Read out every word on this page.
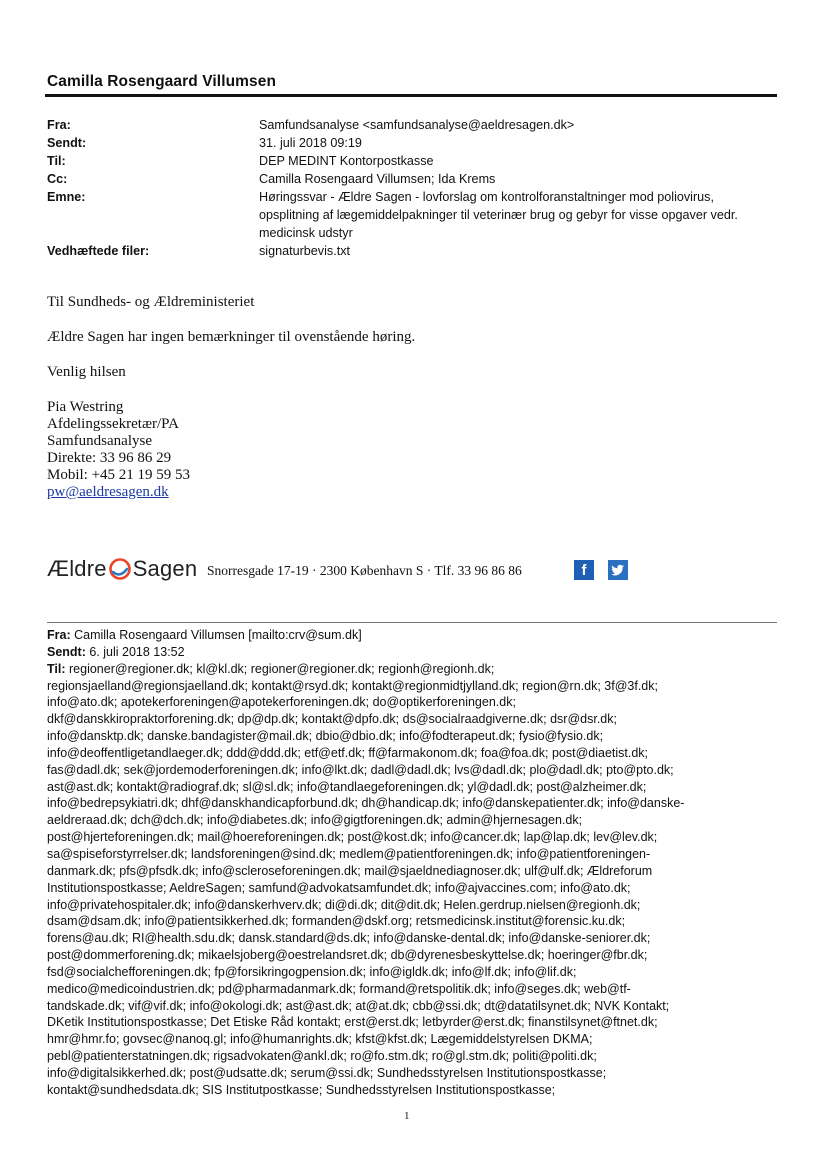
Camilla Rosengaard Villumsen
Fra:	Samfundsanalyse <samfundsanalyse@aeldresagen.dk>
Sendt:	31. juli 2018 09:19
Til:	DEP MEDINT Kontorpostkasse
Cc:	Camilla Rosengaard Villumsen; Ida Krems
Emne:	Høringssvar - Ældre Sagen - lovforslag om kontrolforanstaltninger mod poliovirus, opsplitning af lægemiddelpakninger til veterinær brug og gebyr for visse opgaver vedr. medicinsk udstyr
Vedhæftede filer:	signaturbevis.txt

Til Sundheds- og Ældreministeriet

Ældre Sagen har ingen bemærkninger til ovenstående høring.

Venlig hilsen

Pia Westring
Afdelingssekretær/PA
Samfundsanalyse
Direkte: 33 96 86 29
Mobil: +45 21 19 59 53
pw@aeldresagen.dk
Ældre Sagen Snorresgade 17-19 · 2300 København S · Tlf. 33 96 86 86	f
Fra: Camilla Rosengaard Villumsen [mailto:crv@sum.dk]
Sendt: 6. juli 2018 13:52
Til: regioner@regioner.dk; kl@kl.dk; regioner@regioner.dk; regionh@regionh.dk;
regionsjaelland@regionsjaelland.dk; kontakt@rsyd.dk; kontakt@regionmidtjylland.dk; region@rn.dk; 3f@3f.dk;
info@ato.dk; apotekerforeningen@apotekerforeningen.dk; do@optikerforeningen.dk;
dkf@danskkiropraktorforening.dk; dp@dp.dk; kontakt@dpfo.dk; ds@socialraadgiverne.dk; dsr@dsr.dk;
info@dansktp.dk; danske.bandagister@mail.dk; dbio@dbio.dk; info@fodterapeut.dk; fysio@fysio.dk;
info@deoffentligetandlaeger.dk; ddd@ddd.dk; etf@etf.dk; ff@farmakonom.dk; foa@foa.dk; post@diaetist.dk;
fas@dadl.dk; sek@jordemoderforeningen.dk; info@lkt.dk; dadl@dadl.dk; lvs@dadl.dk; plo@dadl.dk; pto@pto.dk;
ast@ast.dk; kontakt@radiograf.dk; sl@sl.dk; info@tandlaegeforeningen.dk; yl@dadl.dk; post@alzheimer.dk;
info@bedrepsykiatri.dk; dhf@danskhandicapforbund.dk; dh@handicap.dk; info@danskepatienter.dk; info@danske-
aeldreraad.dk; dch@dch.dk; info@diabetes.dk; info@gigtforeningen.dk; admin@hjernesagen.dk;
post@hjerteforeningen.dk; mail@hoereforeningen.dk; post@kost.dk; info@cancer.dk; lap@lap.dk; lev@lev.dk;
sa@spiseforstyrrelser.dk; landsforeningen@sind.dk; medlem@patientforeningen.dk; info@patientforeningen-
danmark.dk; pfs@pfsdk.dk; info@scleroseforeningen.dk; mail@sjaeldnediagnoser.dk; ulf@ulf.dk; Ældreforum
Institutionspostkasse; AeldreSagen; samfund@advokatsamfundet.dk; info@ajvaccines.com; info@ato.dk;
info@privatehospitaler.dk; info@danskerhverv.dk; di@di.dk; dit@dit.dk; Helen.gerdrup.nielsen@regionh.dk;
dsam@dsam.dk; info@patientsikkerhed.dk; formanden@dskf.org; retsmedicinsk.institut@forensic.ku.dk;
forens@au.dk; RI@health.sdu.dk; dansk.standard@ds.dk; info@danske-dental.dk; info@danske-seniorer.dk;
post@dommerforening.dk; mikaelsjoberg@oestrelandsret.dk; db@dyrenesbeskyttelse.dk; hoeringer@fbr.dk;
fsd@socialchefforeningen.dk; fp@forsikringogpension.dk; info@igldk.dk; info@lf.dk; info@lif.dk;
medico@medicoindustrien.dk; pd@pharmadanmark.dk; formand@retspolitik.dk; info@seges.dk; web@tf-
tandskade.dk; vif@vif.dk; info@okologi.dk; ast@ast.dk; at@at.dk; cbb@ssi.dk; dt@datatilsynet.dk; NVK Kontakt;
DKetik Institutionspostkasse; Det Etiske Råd kontakt; erst@erst.dk; letbyrder@erst.dk; finanstilsynet@ftnet.dk;
hmr@hmr.fo; govsec@nanoq.gl; info@humanrights.dk; kfst@kfst.dk; Lægemiddelstyrelsen DKMA;
pebl@patienterstatningen.dk; rigsadvokaten@ankl.dk; ro@fo.stm.dk; ro@gl.stm.dk; politi@politi.dk;
info@digitalsikkerhed.dk; post@udsatte.dk; serum@ssi.dk; Sundhedsstyrelsen Institutionspostkasse;
kontakt@sundhedsdata.dk; SIS Institutpostkasse; Sundhedsstyrelsen Institutionspostkasse;
1
